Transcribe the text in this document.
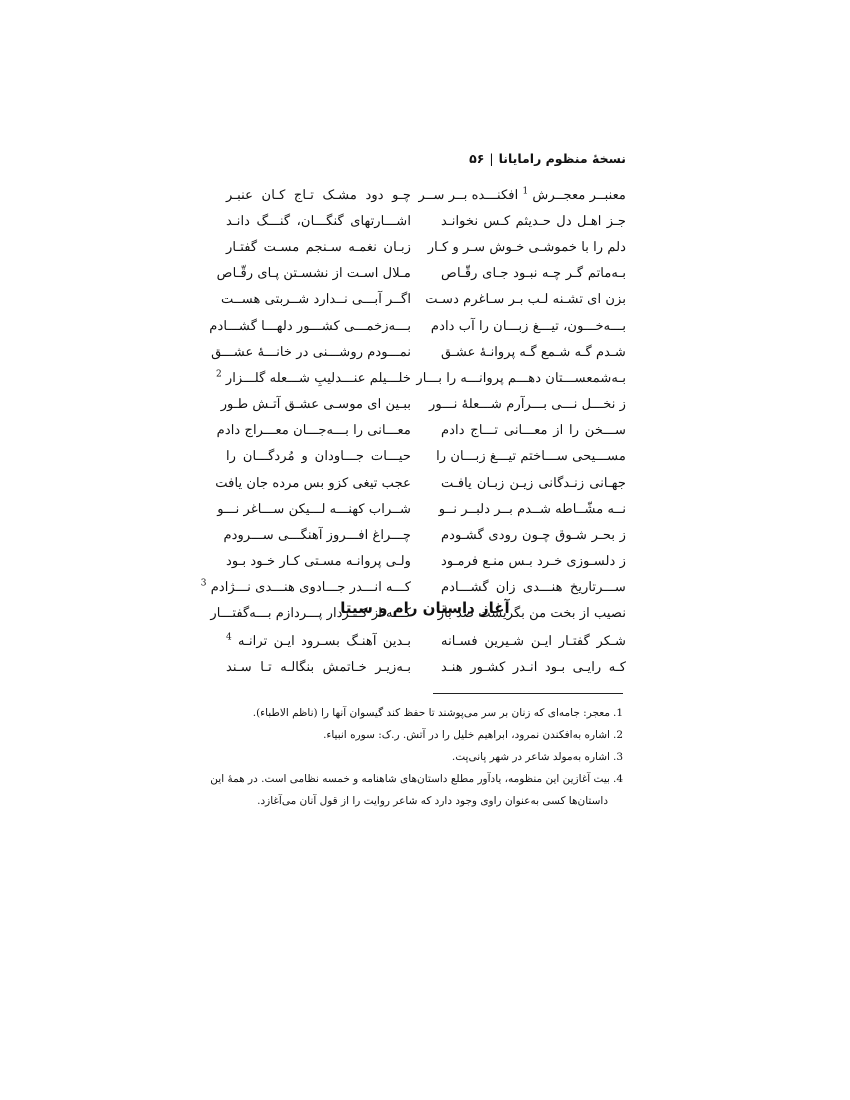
نسخهٔ منظوم رامایانا|۵۶
معنبــر معجــرش $^1$ افکنـــده بــر ســر
چـو دود مشـک تـاج کـان عنبـر
جـز اهـل دل حـدیثم کـس نخوانـد
اشـــارتهای گنگـــان، گنـــگ دانـد
دلم را با خموشـی خـوش سـر و کـار
زبـان نغمـه سـنجم مسـت گفتـار
بـه‌ماتم گـر چـه نبـود جـای رقّـاص
مـلال اسـت از نشسـتن پـای رقّـاص
بزن ای تشـنه لـب بـر سـاغرم دسـت
اگــر آبـــی نــدارد شــربتی هســت
بـــه‌خـــون، تیـــغ زبـــان را آب دادم
بـــه‌زخمـــی کشـــور دلهـــا گشـــادم
شـدم گـه شـمع گـه پروانـهٔ عشـق
نمـــودم روشـــنی در خانـــهٔ عشـــق
بـه‌شمعســـتان دهـــم پروانـــه را بـــار
خلـــیلم عنـــدلیبِ شـــعله گلـــزار $^2$
ز نخـــل نـــی بـــرآرم شـــعلهٔ نـــور
ببـین ای موسـی عشـق آتـش طـور
ســـخن را از معـــانی تـــاج دادم
معـــانی را بـــه‌جـــان معـــراج دادم
مســـیحی ســـاختم تیـــغ زبـــان را
حیـــات جـــاودان و مُردگـــان را
جهـانی زنـدگانی زیـن زبـان یافـت
عجب تیغی کزو بس مرده جان یافت
نــه مشّــاطه شــدم بــر دلبــر نــو
شــراب کهنـــه لـــیکن ســـاغر نـــو
ز بحـر شـوق چـون رودی گشـودم
چـــراغ افـــروز آهنگـــی ســـرودم
ز دلسـوزی خـرد بـس منـع فرمـود
ولـی پروانـه مسـتی کـار خـود بـود
ســـرتاریخ هنـــدی زان گشـــادم
کـــه انـــدر جـــادوی هنـــدی نـــژادم $^3$
نصیب از بخت من بگریست صد بار
کـــه از کـــردار پـــردازم بـــه‌گفتـــار
آغاز داستان رام و سیتا
شـکر گفتـار ایـن شـیرین فسـانه
بـدین آهنـگ بسـرود ایـن ترانـه $^4$
کـه رایـی بـود انـدر کشـور هنـد
بـه‌زیـر خـاتمش بنگالـه تـا سـند
1.معجر: جامه‌ای که زنان بر سر می‌پوشند تا حفظ کند گیسوان آنها را (ناظم الاطباء).
2.اشاره به‌افکندن نمرود، ابراهیم خلیل را در آتش. ر.ک: سوره انبیاء.
3.اشاره به‌مولد شاعر در شهر پانی‌پت.
4.بیت آغازین این منظومه، یادآور مطلع داستان‌های شاهنامه و خمسه نظامی است. در همهٔ این
داستان‌ها کسی به‌عنوان راوی وجود دارد که شاعر روایت را از قول آنان می‌آغازد.
